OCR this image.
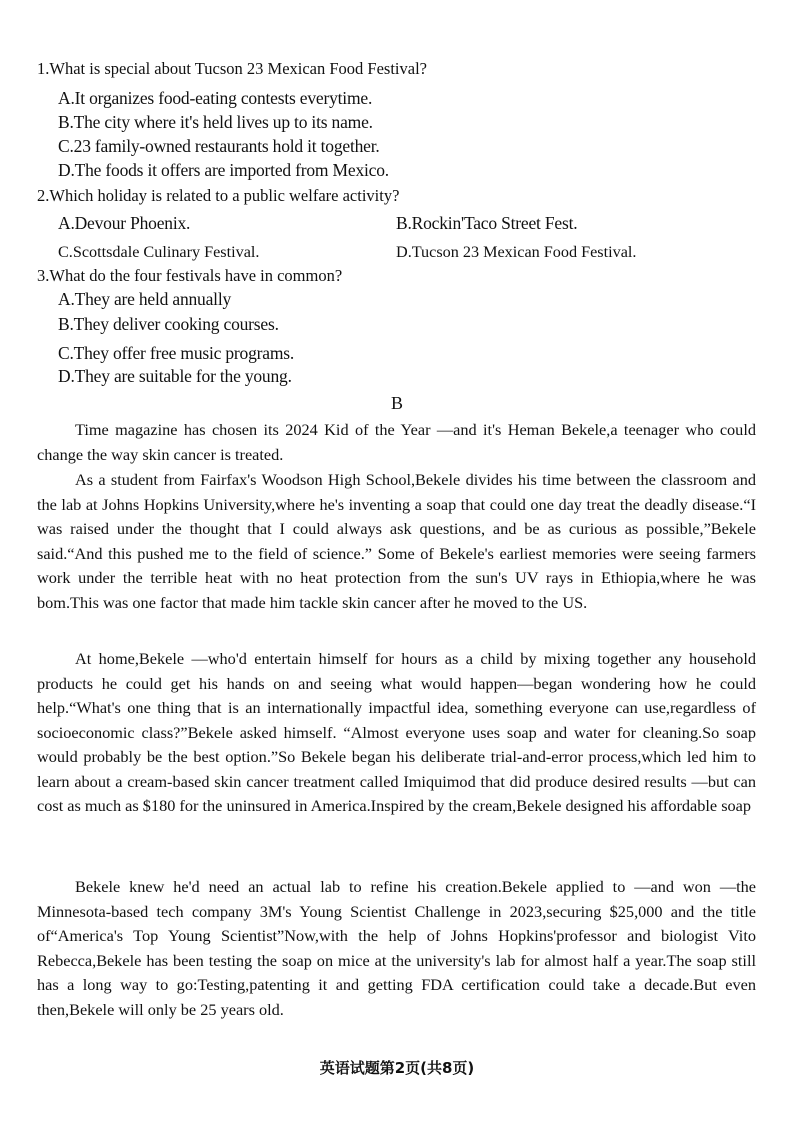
1.What is special about Tucson 23 Mexican Food Festival?
A.It organizes food-eating contests everytime.
B.The city where it's held lives up to its name.
C.23 family-owned restaurants hold it together.
D.The foods it offers are imported from Mexico.
2.Which holiday is related to a public welfare activity?
A.Devour Phoenix.	B.Rockin'Taco Street Fest.
C.Scottsdale Culinary Festival.	D.Tucson 23 Mexican Food Festival.
3.What do the four festivals have in common?
A.They are held annually
B.They deliver cooking courses.
C.They offer free music programs.
D.They are suitable for the young.
B

Time magazine has chosen its 2024 Kid of the Year —and it's Heman Bekele,a teenager who could change the way skin cancer is treated.

As a student from Fairfax's Woodson High School,Bekele divides his time between the classroom and the lab at Johns Hopkins University,where he's inventing a soap that could one day treat the deadly disease.“I was raised under the thought that I could always ask questions, and be as curious as possible,”Bekele said.“And this pushed me to the field of science.” Some of Bekele's earliest memories were seeing farmers work under the terrible heat with no heat protection from the sun's UV rays in Ethiopia,where he was bom.This was one factor that made him tackle skin cancer after he moved to the US.

At home,Bekele —who'd entertain himself for hours as a child by mixing together any household products he could get his hands on and seeing what would happen—began wondering how he could help.“What's one thing that is an internationally impactful idea, something everyone can use,regardless of socioeconomic class?”Bekele asked himself. “Almost everyone uses soap and water for cleaning.So soap would probably be the best option.”So Bekele began his deliberate trial-and-error process,which led him to learn about a cream-based skin cancer treatment called Imiquimod that did produce desired results —but can cost as much as $180 for the uninsured in America.Inspired by the cream,Bekele designed his affordable soap

Bekele knew he'd need an actual lab to refine his creation.Bekele applied to —and won —the Minnesota-based tech company 3M's Young Scientist Challenge in 2023,securing $25,000 and the title of“America's Top Young Scientist”Now,with the help of Johns Hopkins'professor and biologist Vito Rebecca,Bekele has been testing the soap on mice at the university's lab for almost half a year.The soap still has a long way to go:Testing,patenting it and getting FDA certification could take a decade.But even then,Bekele will only be 25 years old.

英语试题第2页(共8页)
